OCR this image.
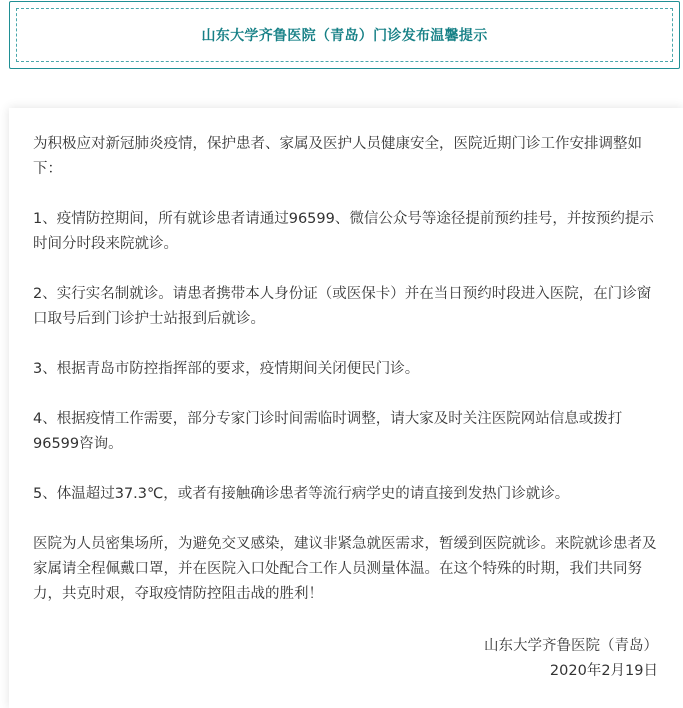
山东大学齐鲁医院（青岛）门诊发布温馨提示

为积极应对新冠肺炎疫情，保护患者、家属及医护人员健康安全，医院近期门诊工作安排调整如下：

1、疫情防控期间，所有就诊患者请通过96599、微信公众号等途径提前预约挂号，并按预约提示时间分时段来院就诊。

2、实行实名制就诊。请患者携带本人身份证（或医保卡）并在当日预约时段进入医院，在门诊窗口取号后到门诊护士站报到后就诊。

3、根据青岛市防控指挥部的要求，疫情期间关闭便民门诊。

4、根据疫情工作需要，部分专家门诊时间需临时调整，请大家及时关注医院网站信息或拨打96599咨询。

5、体温超过37.3℃，或者有接触确诊患者等流行病学史的请直接到发热门诊就诊。

医院为人员密集场所，为避免交叉感染，建议非紧急就医需求，暂缓到医院就诊。来院就诊患者及家属请全程佩戴口罩，并在医院入口处配合工作人员测量体温。在这个特殊的时期，我们共同努力，共克时艰，夺取疫情防控阻击战的胜利！

山东大学齐鲁医院（青岛）
2020年2月19日
